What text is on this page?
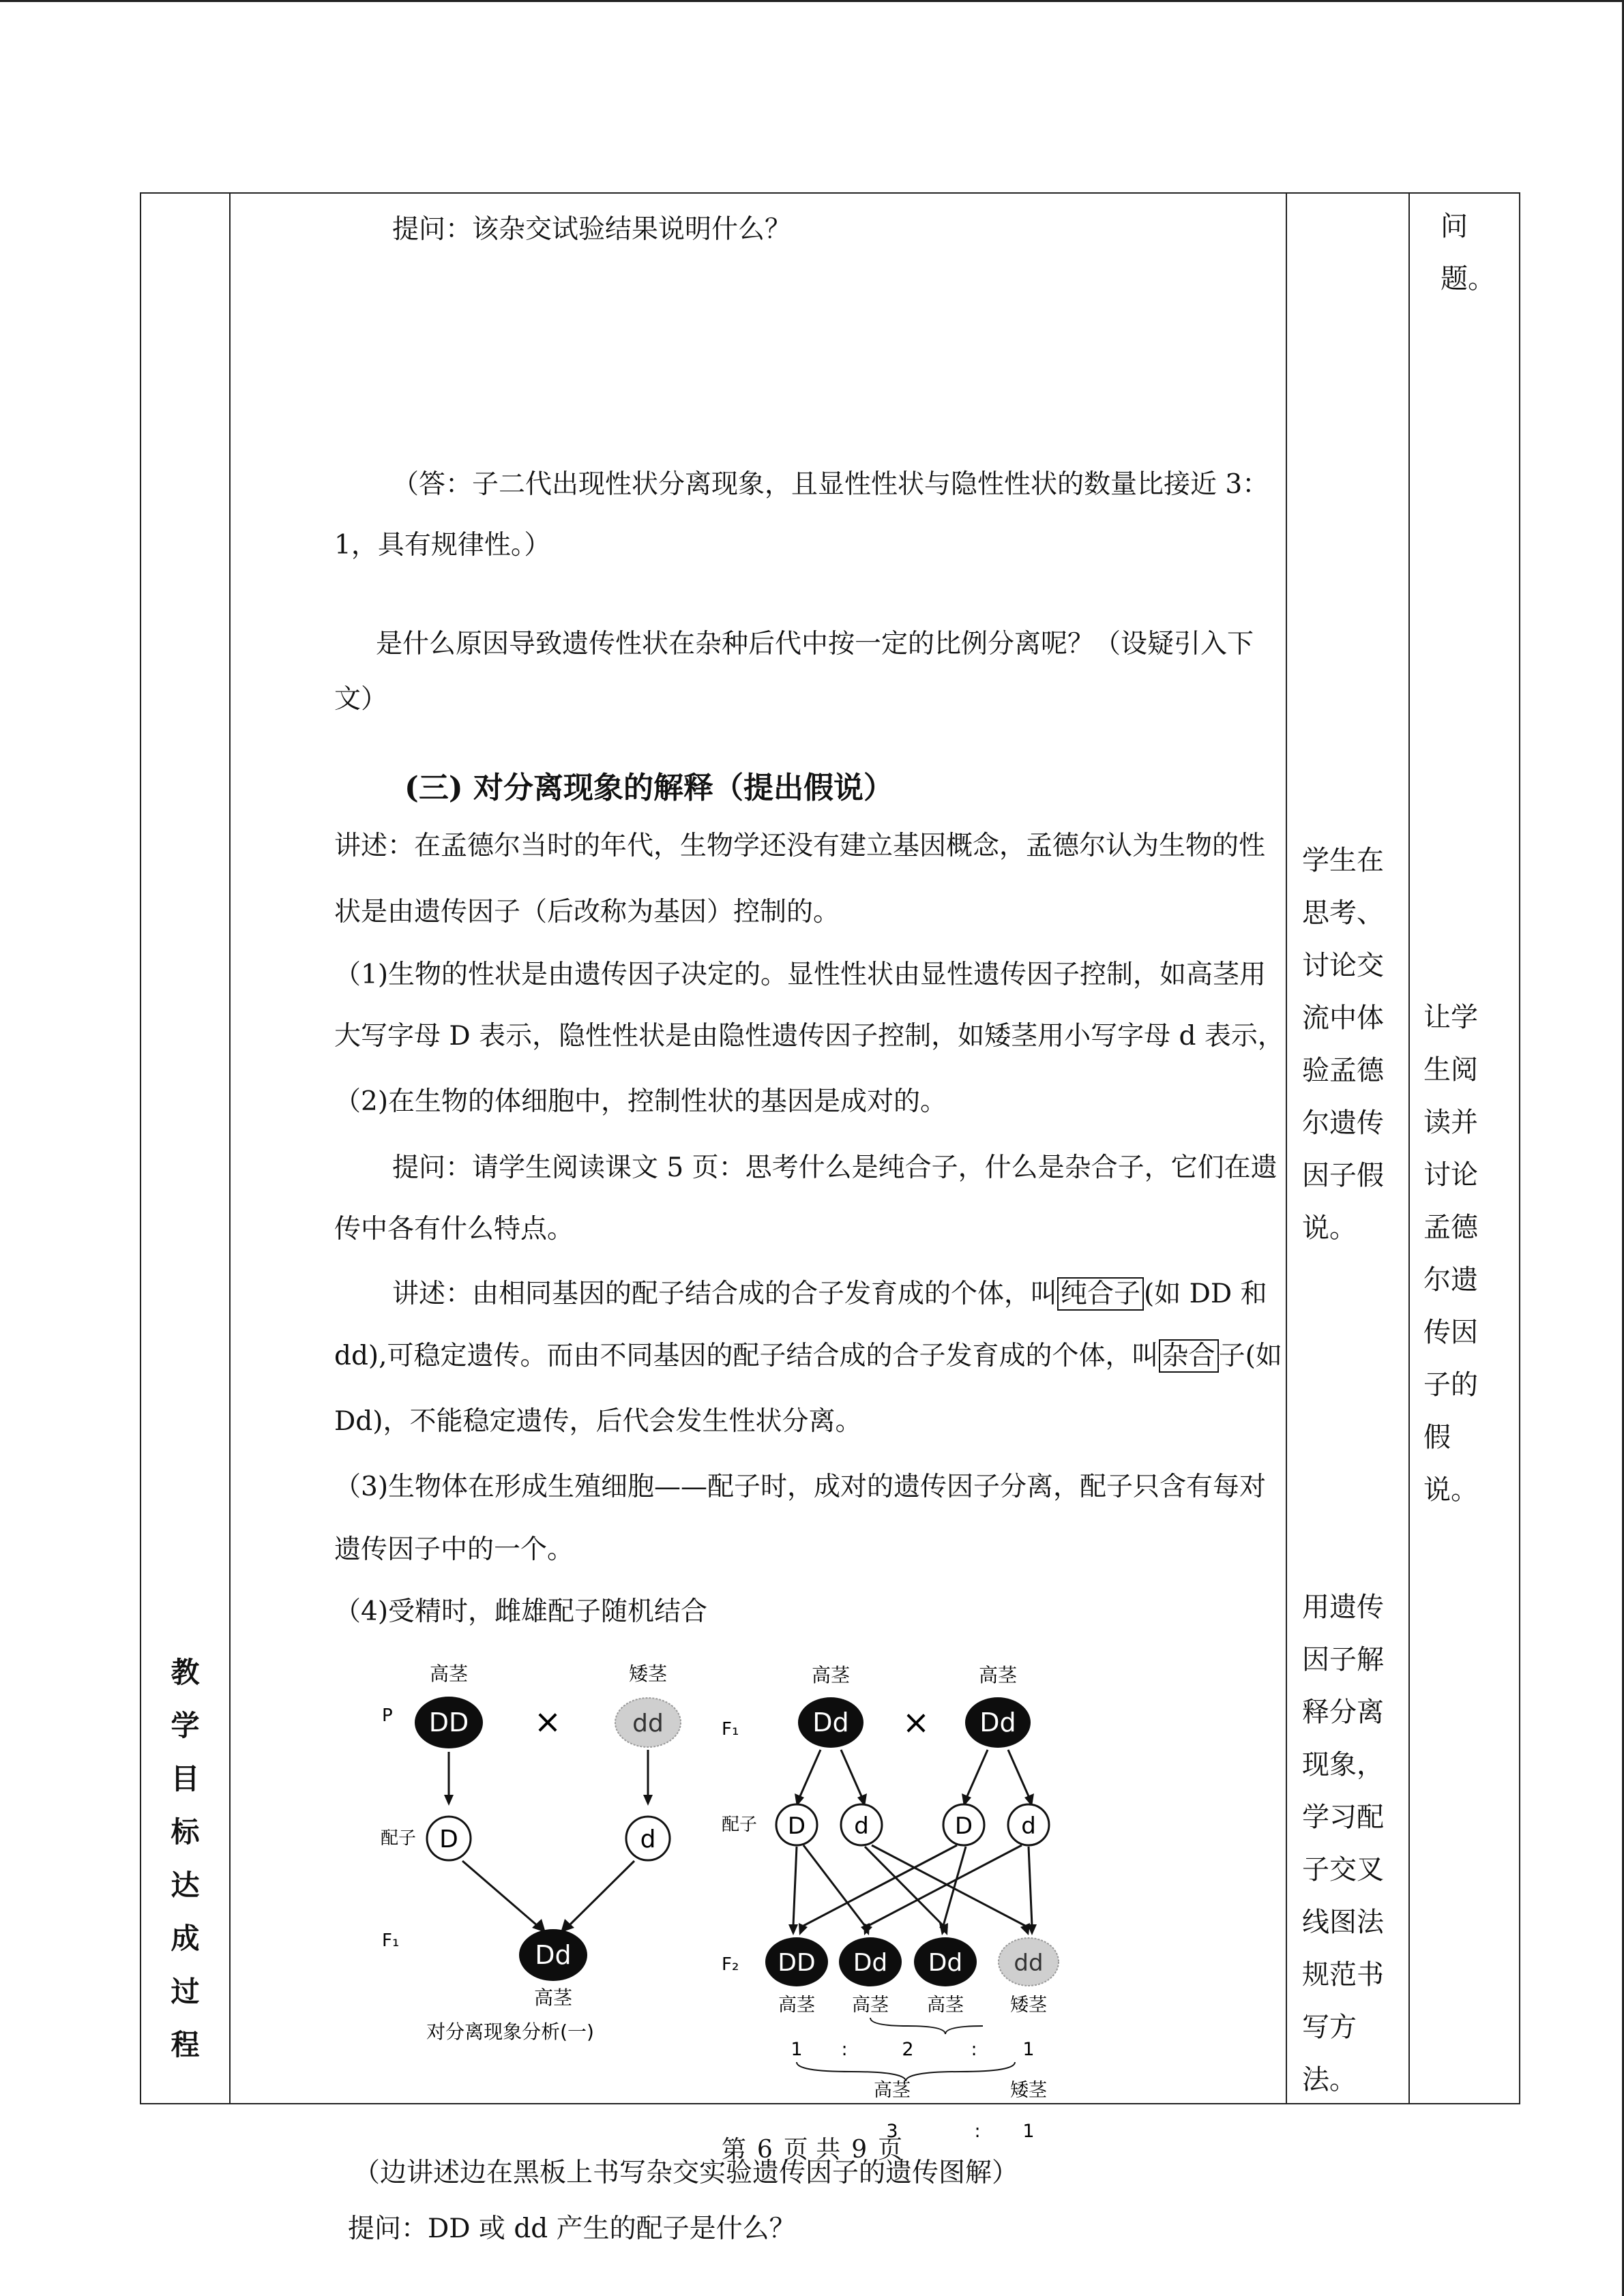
教
学
目
标
达
成
过
程

提问：该杂交试验结果说明什么？
（答：子二代出现性状分离现象，且显性性状与隐性性状的数量比接近 3：
1，具有规律性。）
是什么原因导致遗传性状在杂种后代中按一定的比例分离呢？（设疑引入下
文）
(三) 对分离现象的解释（提出假说）
讲述：在孟德尔当时的年代，生物学还没有建立基因概念，孟德尔认为生物的性
状是由遗传因子（后改称为基因）控制的。
（1)生物的性状是由遗传因子决定的。显性性状由显性遗传因子控制，如高茎用
大写字母 D 表示，隐性性状是由隐性遗传因子控制，如矮茎用小写字母 d 表示，
（2)在生物的体细胞中，控制性状的基因是成对的。
提问：请学生阅读课文 5 页：思考什么是纯合子，什么是杂合子，它们在遗
传中各有什么特点。
讲述：由相同基因的配子结合成的合子发育成的个体，叫 纯合子 (如 DD 和
dd),可稳定遗传。而由不同基因的配子结合成的合子发育成的个体，叫 杂合 子(如
Dd)，不能稳定遗传，后代会发生性状分离。
（3)生物体在形成生殖细胞——配子时，成对的遗传因子分离，配子只含有每对
遗传因子中的一个。
（4)受精时，雌雄配子随机结合
高茎	矮茎
P DD ×	dd
配子 D	d
F₁	Dd
高茎
对分离现象分析(一)
高茎	高茎
F₁	Dd × Dd
配子 D d	D d
F₂ DD Dd Dd dd
高茎 高茎 高茎	矮茎
1 :	2	: 1
高茎	矮茎
3	: 1
（边讲述边在黑板上书写杂交实验遗传因子的遗传图解）
提问：DD 或 dd 产生的配子是什么？

学生在
思考、
讨论交
流中体
验孟德
尔遗传
因子假
说。
用遗传
因子解
释分离
现象，
学习配
子交叉
线图法
规范书
写方
法。

问
题。
让学
生阅
读并
讨论
孟德
尔遗
传因
子的
假
说。
第 6 页 共 9 页
